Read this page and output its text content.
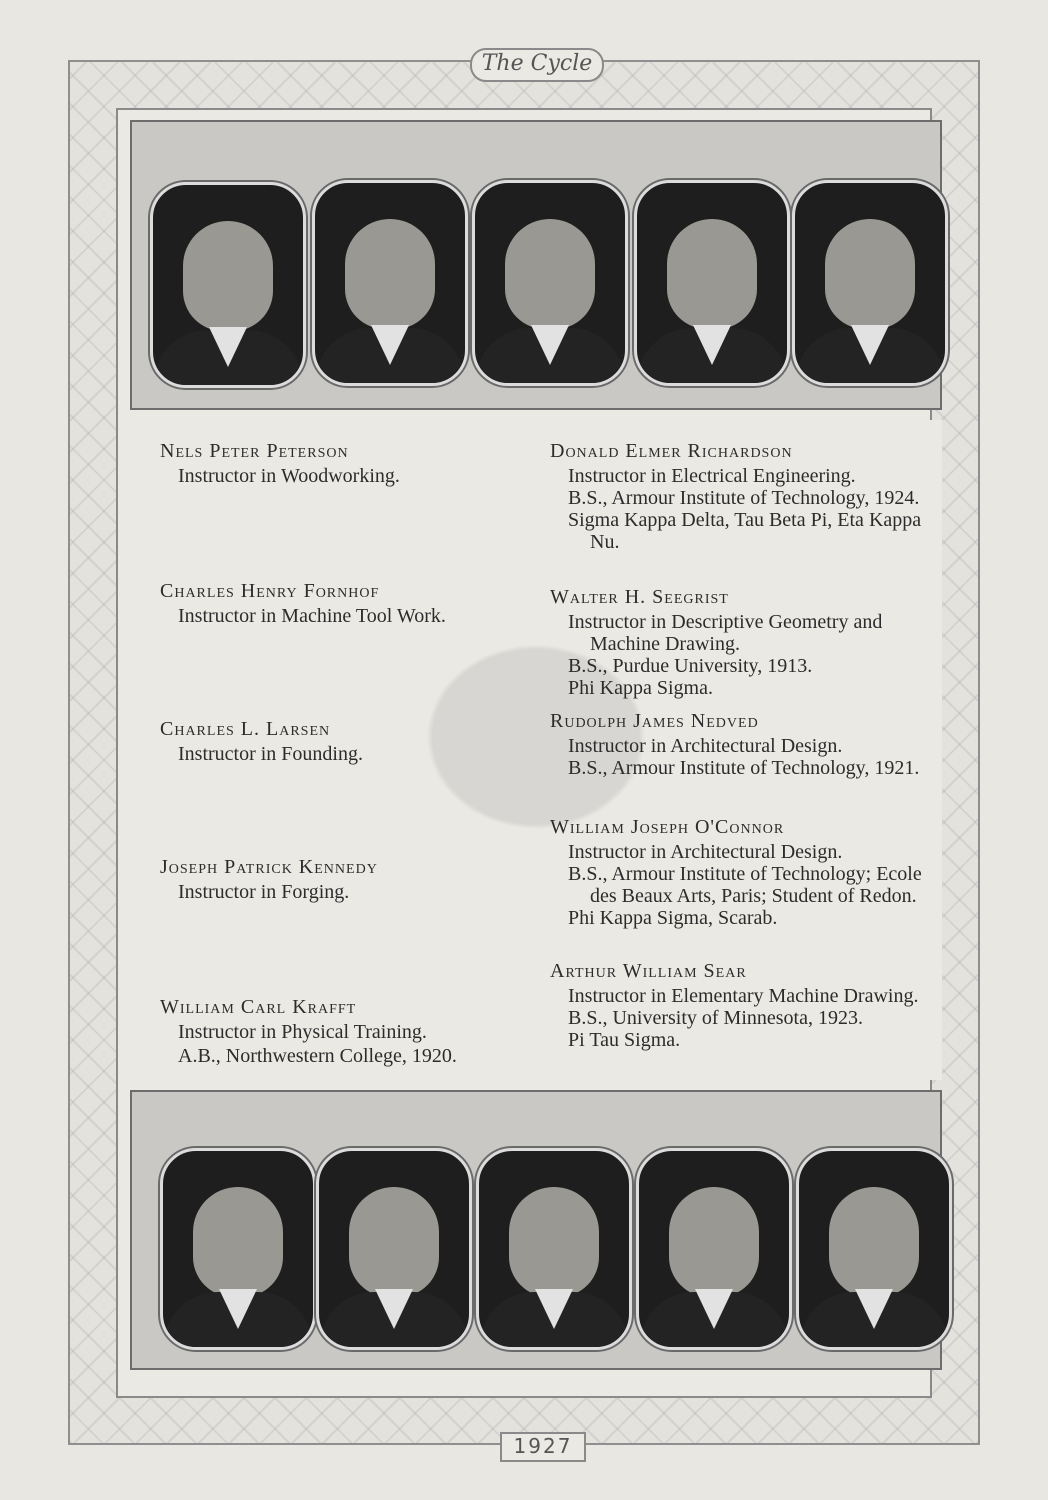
The Cycle
1927
Nels Peter Peterson
Instructor in Woodworking.
Charles Henry Fornhof
Instructor in Machine Tool Work.
Charles L. Larsen
Instructor in Founding.
Joseph Patrick Kennedy
Instructor in Forging.
William Carl Krafft
Instructor in Physical Training.
A.B., Northwestern College, 1920.
Donald Elmer Richardson
Instructor in Electrical Engineering.
B.S., Armour Institute of Technology, 1924.
Sigma Kappa Delta, Tau Beta Pi, Eta Kappa Nu.
Walter H. Seegrist
Instructor in Descriptive Geometry and Machine Drawing.
B.S., Purdue University, 1913.
Phi Kappa Sigma.
Rudolph James Nedved
Instructor in Architectural Design.
B.S., Armour Institute of Technology, 1921.
William Joseph O'Connor
Instructor in Architectural Design.
B.S., Armour Institute of Technology; Ecole des Beaux Arts, Paris; Student of Redon.
Phi Kappa Sigma, Scarab.
Arthur William Sear
Instructor in Elementary Machine Drawing.
B.S., University of Minnesota, 1923.
Pi Tau Sigma.
